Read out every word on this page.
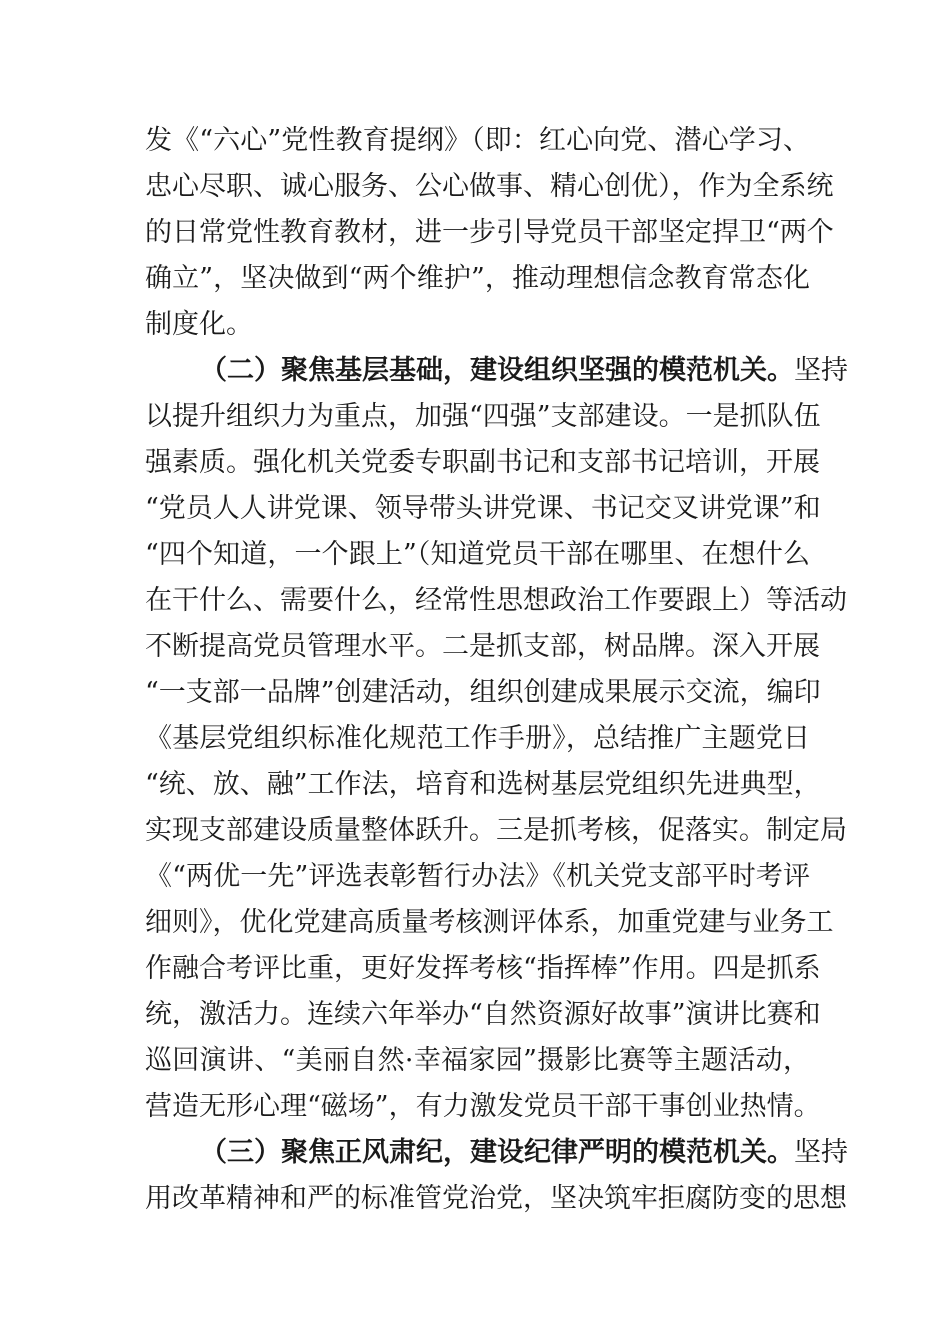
发《“六心”党性教育提纲》（即：红心向党、潜心学习、
忠心尽职、诚心服务、公心做事、精心创优），作为全系统
的日常党性教育教材，进一步引导党员干部坚定捍卫“两个
确立”，坚决做到“两个维护”，推动理想信念教育常态化
制度化。
（二）聚焦基层基础，建设组织坚强的模范机关。坚持
以提升组织力为重点，加强“四强”支部建设。一是抓队伍
强素质。强化机关党委专职副书记和支部书记培训，开展
“党员人人讲党课、领导带头讲党课、书记交叉讲党课”和
“四个知道，一个跟上”（知道党员干部在哪里、在想什么
在干什么、需要什么，经常性思想政治工作要跟上）等活动
不断提高党员管理水平。二是抓支部，树品牌。深入开展
“一支部一品牌”创建活动，组织创建成果展示交流，编印
《基层党组织标准化规范工作手册》，总结推广主题党日
“统、放、融”工作法，培育和选树基层党组织先进典型，
实现支部建设质量整体跃升。三是抓考核，促落实。制定局
《“两优一先”评选表彰暂行办法》《机关党支部平时考评
细则》，优化党建高质量考核测评体系，加重党建与业务工
作融合考评比重，更好发挥考核“指挥棒”作用。四是抓系
统，激活力。连续六年举办“自然资源好故事”演讲比赛和
巡回演讲、“美丽自然·幸福家园”摄影比赛等主题活动，
营造无形心理“磁场”，有力激发党员干部干事创业热情。
（三）聚焦正风肃纪，建设纪律严明的模范机关。坚持
用改革精神和严的标准管党治党，坚决筑牢拒腐防变的思想
